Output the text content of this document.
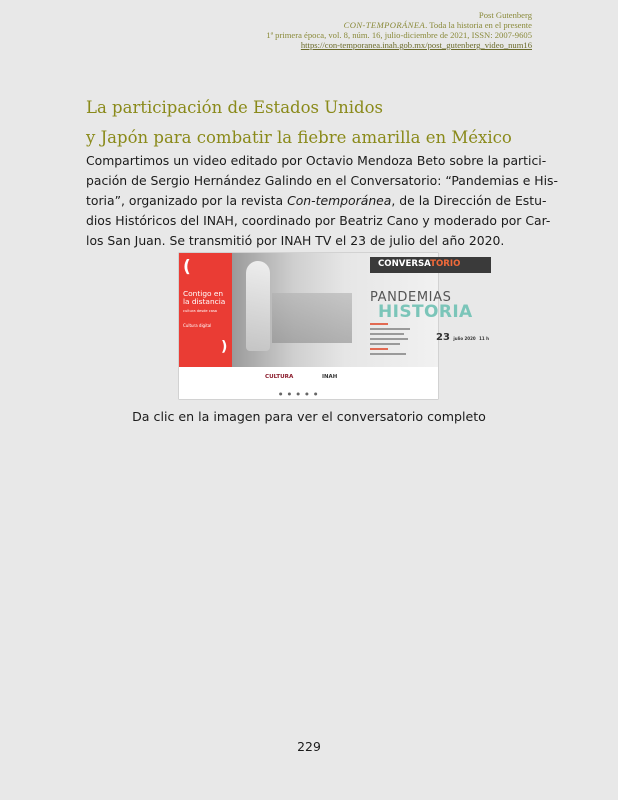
Post Gutenberg
CON-TEMPORÁNEA. Toda la historia en el presente
1ª primera época, vol. 8, núm. 16, julio-diciembre de 2021, ISSN: 2007-9605
https://con-temporanea.inah.gob.mx/post_gutenberg_video_num16
La participación de Estados Unidos
y Japón para combatir la fiebre amarilla en México

Compartimos un video editado por Octavio Mendoza Beto sobre la partici-
pación de Sergio Hernández Galindo en el Conversatorio: “Pandemias e His-
toria”, organizado por la revista Con-temporánea, de la Dirección de Estu-
dios Históricos del INAH, coordinado por Beatriz Cano y moderado por Car-
los San Juan. Se transmitió por INAH TV el 23 de julio del año 2020.

(
Contigo en la distancia
cultura desde casa
Cultura digital
)
CONVERSATORIO
PANDEMIAS
HISTORIA
23 julio 2020 11 h
CULTURA	INAH
● ● ● ● ●
Da clic en la imagen para ver el conversatorio completo
229
